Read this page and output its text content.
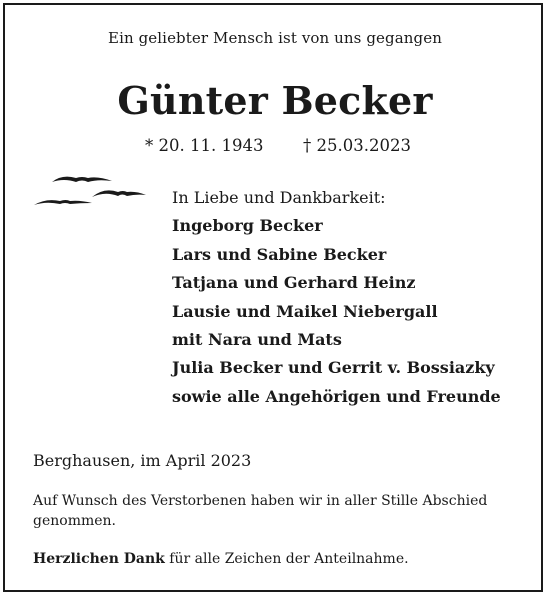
Ein geliebter Mensch ist von uns gegangen
Günter Becker
* 20. 11. 1943 † 25.03.2023
In Liebe und Dankbarkeit:
Ingeborg Becker
Lars und Sabine Becker
Tatjana und Gerhard Heinz
Lausie und Maikel Niebergall
mit Nara und Mats
Julia Becker und Gerrit v. Bossiazky
sowie alle Angehörigen und Freunde
Berghausen, im April 2023
Auf Wunsch des Verstorbenen haben wir in aller Stille Abschied genommen.
Herzlichen Dank für alle Zeichen der Anteilnahme.
